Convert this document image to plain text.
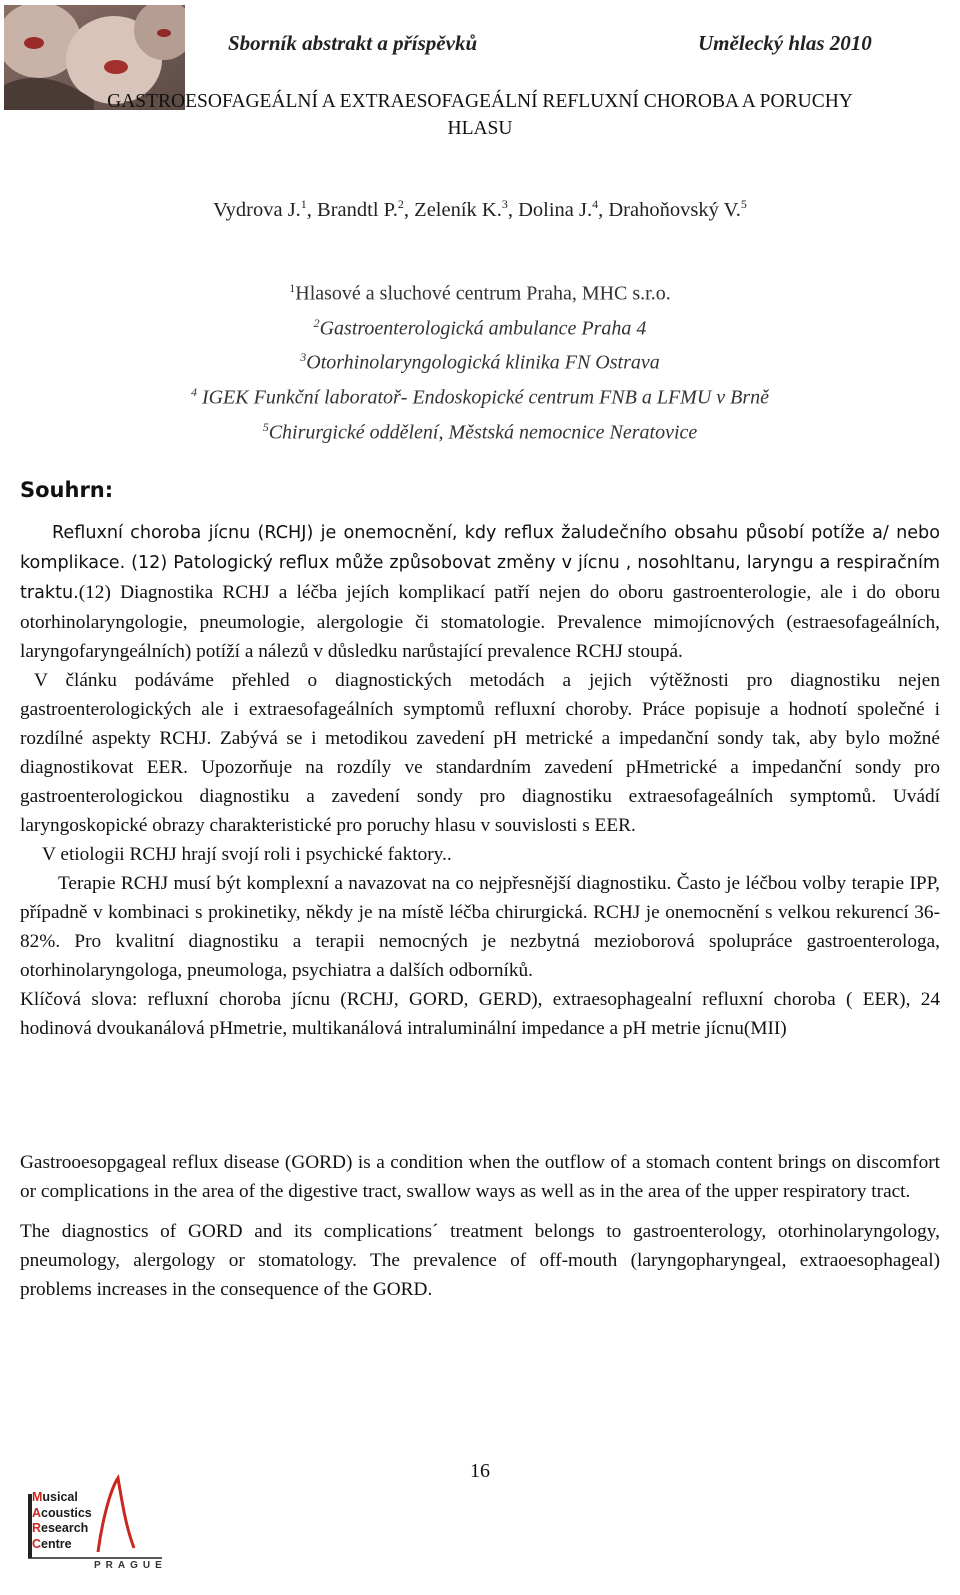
Sborník abstrakt a příspěvků	Umělecký hlas 2010
GASTROESOFAGEÁLNÍ A EXTRAESOFAGEÁLNÍ REFLUXNÍ CHOROBA A PORUCHY
HLASU
Vydrova J.$^1$, Brandtl P.$^2$, Zeleník K.$^3$, Dolina J.$^4$, Drahoňovský V.$^5$
$^1$Hlasové a sluchové centrum Praha, MHC s.r.o.
$^2$Gastroenterologická ambulance Praha 4
$^3$Otorhinolaryngologická klinika FN Ostrava
$^4$ IGEK Funkční laboratoř- Endoskopické centrum FNB a LFMU v Brně
$^5$Chirurgické oddělení, Městská nemocnice Neratovice
Souhrn:
Refluxní choroba jícnu (RCHJ) je onemocnění, kdy reflux žaludečního obsahu působí potíže a/ nebo komplikace. (12) Patologický reflux může způsobovat změny v jícnu , nosohltanu, laryngu a respiračním traktu.(12) Diagnostika RCHJ a léčba jejích komplikací patří nejen do oboru gastroenterologie, ale i do oboru otorhinolaryngologie, pneumologie, alergologie či stomatologie. Prevalence mimojícnových (estraesofageálních, laryngofaryngeálních) potíží a nálezů v důsledku narůstající prevalence RCHJ stoupá.
V článku podáváme přehled o diagnostických metodách a jejich výtěžnosti pro diagnostiku nejen gastroenterologických ale i extraesofageálních symptomů refluxní choroby. Práce popisuje a hodnotí společné i rozdílné aspekty RCHJ. Zabývá se i metodikou zavedení pH metrické a impedanční sondy tak, aby bylo možné diagnostikovat EER. Upozorňuje na rozdíly ve standardním zavedení pHmetrické a impedanční sondy pro gastroenterologickou diagnostiku a zavedení sondy pro diagnostiku extraesofageálních symptomů. Uvádí laryngoskopické obrazy charakteristické pro poruchy hlasu v souvislosti s EER.
V etiologii RCHJ hrají svojí roli i psychické faktory..
Terapie RCHJ musí být komplexní a navazovat na co nejpřesnější diagnostiku. Často je léčbou volby terapie IPP, případně v kombinaci s prokinetiky, někdy je na místě léčba chirurgická. RCHJ je onemocnění s velkou rekurencí 36-82%. Pro kvalitní diagnostiku a terapii nemocných je nezbytná mezioborová spolupráce gastroenterologa, otorhinolaryngologa, pneumologa, psychiatra a dalších odborníků.
Klíčová slova: refluxní choroba jícnu (RCHJ, GORD, GERD), extraesophagealní refluxní choroba ( EER), 24 hodinová dvoukanálová pHmetrie, multikanálová intraluminální impedance a pH metrie jícnu(MII)
Gastrooesopgageal reflux disease (GORD) is a condition when the outflow of a stomach content brings on discomfort or complications in the area of the digestive tract, swallow ways as well as in the area of the upper respiratory tract.
The diagnostics of GORD and its complications´ treatment belongs to gastroenterology, otorhinolaryngology, pneumology, alergology or stomatology. The prevalence of off-mouth (laryngopharyngeal, extraoesophageal) problems increases in the consequence of the GORD.
16
Musical
Acoustics
Research
Centre
PRAGUE
